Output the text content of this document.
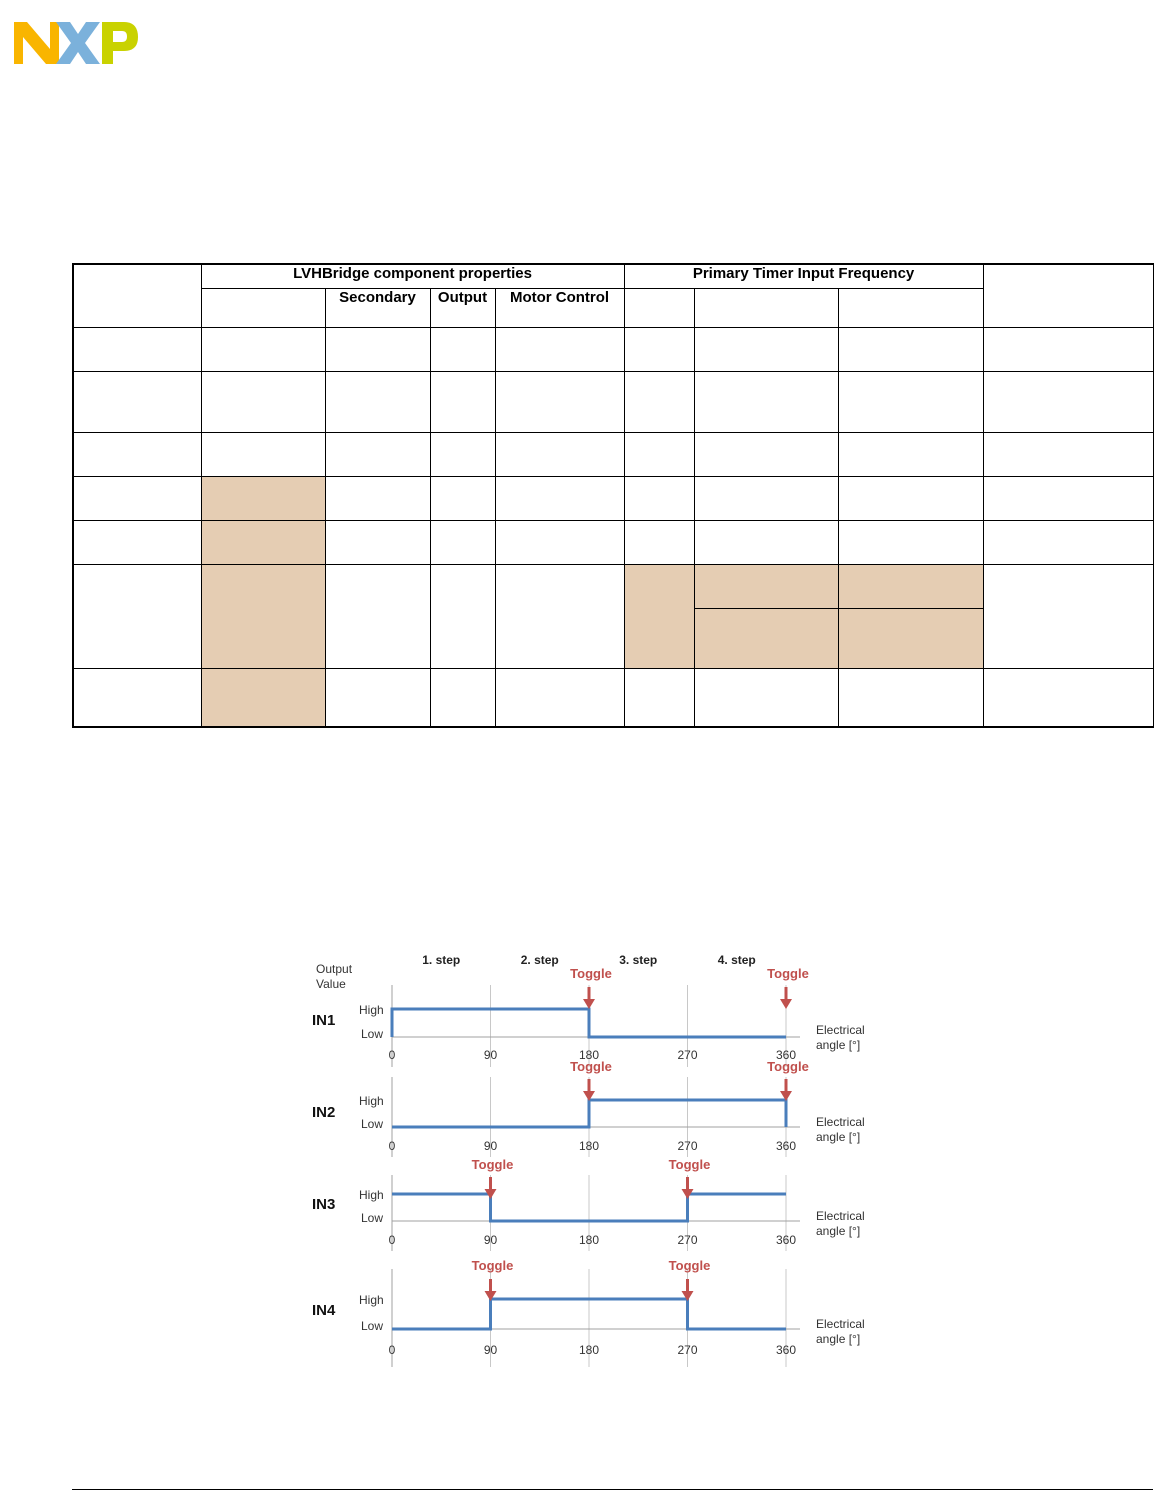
	LVHBridge component properties				Primary Timer Input Frequency			
		Secondary	Output	Motor Control				

1. step	2. step	3. step	4. step
Output
Value
High
Low
IN1
0	90	180	270	360
Electrical
angle [°]
Toggle	Toggle
High
Low
IN2
0	90	180	270	360
Electrical
angle [°]
Toggle	Toggle
High
Low
IN3
0	90	180	270	360
Electrical
angle [°]
Toggle	Toggle
High
Low
IN4
0	90	180	270	360
Electrical
angle [°]
Toggle	Toggle
